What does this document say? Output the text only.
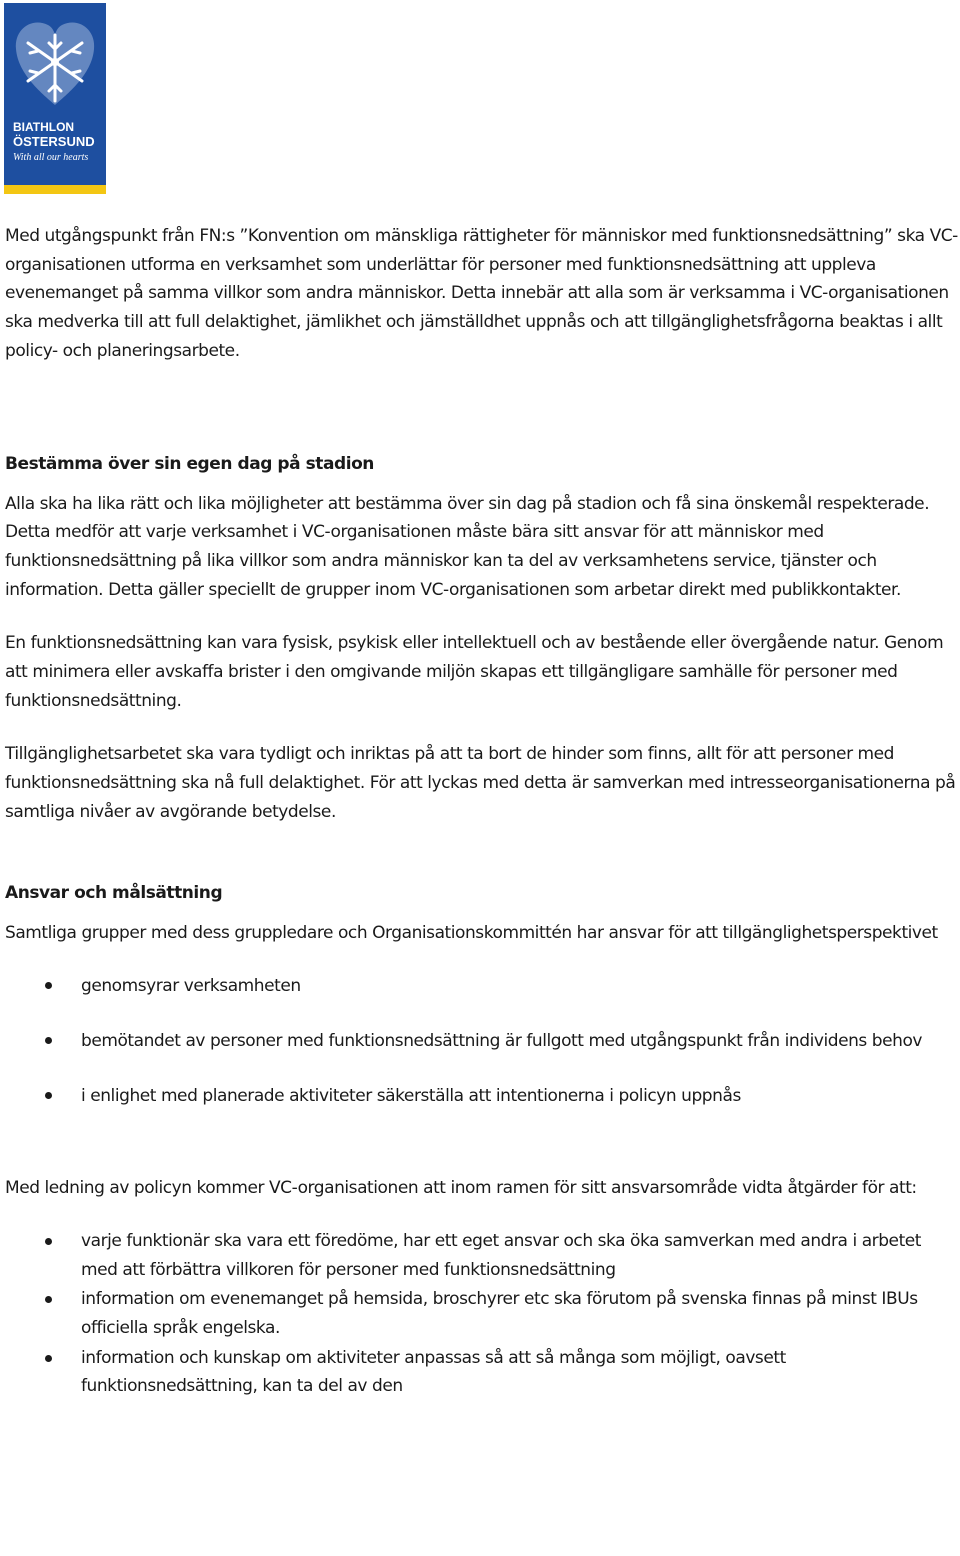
BIATHLON
ÖSTERSUND
With all our hearts

Med utgångspunkt från FN:s ”Konvention om mänskliga rättigheter för människor med funktionsnedsättning” ska VC-organisationen utforma en verksamhet som underlättar för personer med funktionsnedsättning att uppleva evenemanget på samma villkor som andra människor. Detta innebär att alla som är verksamma i VC-organisationen ska medverka till att full delaktighet, jämlikhet och jämställdhet uppnås och att tillgänglighetsfrågorna beaktas i allt policy- och planeringsarbete.

Bestämma över sin egen dag på stadion

Alla ska ha lika rätt och lika möjligheter att bestämma över sin dag på stadion och få sina önskemål respekterade. Detta medför att varje verksamhet i VC-organisationen måste bära sitt ansvar för att människor med funktionsnedsättning på lika villkor som andra människor kan ta del av verksamhetens service, tjänster och information. Detta gäller speciellt de grupper inom VC-organisationen som arbetar direkt med publikkontakter.

En funktionsnedsättning kan vara fysisk, psykisk eller intellektuell och av bestående eller övergående natur. Genom att minimera eller avskaffa brister i den omgivande miljön skapas ett tillgängligare samhälle för personer med funktionsnedsättning.

Tillgänglighetsarbetet ska vara tydligt och inriktas på att ta bort de hinder som finns, allt för att personer med funktionsnedsättning ska nå full delaktighet. För att lyckas med detta är samverkan med intresseorganisationerna på samtliga nivåer av avgörande betydelse.

Ansvar och målsättning

Samtliga grupper med dess gruppledare och Organisationskommittén har ansvar för att tillgänglighetsperspektivet

genomsyrar verksamheten
bemötandet av personer med funktionsnedsättning är fullgott med utgångspunkt från individens behov
i enlighet med planerade aktiviteter säkerställa att intentionerna i policyn uppnås

Med ledning av policyn kommer VC-organisationen att inom ramen för sitt ansvarsområde vidta åtgärder för att:

varje funktionär ska vara ett föredöme, har ett eget ansvar och ska öka samverkan med andra i arbetet med att förbättra villkoren för personer med funktionsnedsättning
information om evenemanget på hemsida, broschyrer etc ska förutom på svenska finnas på minst IBUs officiella språk engelska.
information och kunskap om aktiviteter anpassas så att så många som möjligt, oavsett funktionsnedsättning, kan ta del av den
